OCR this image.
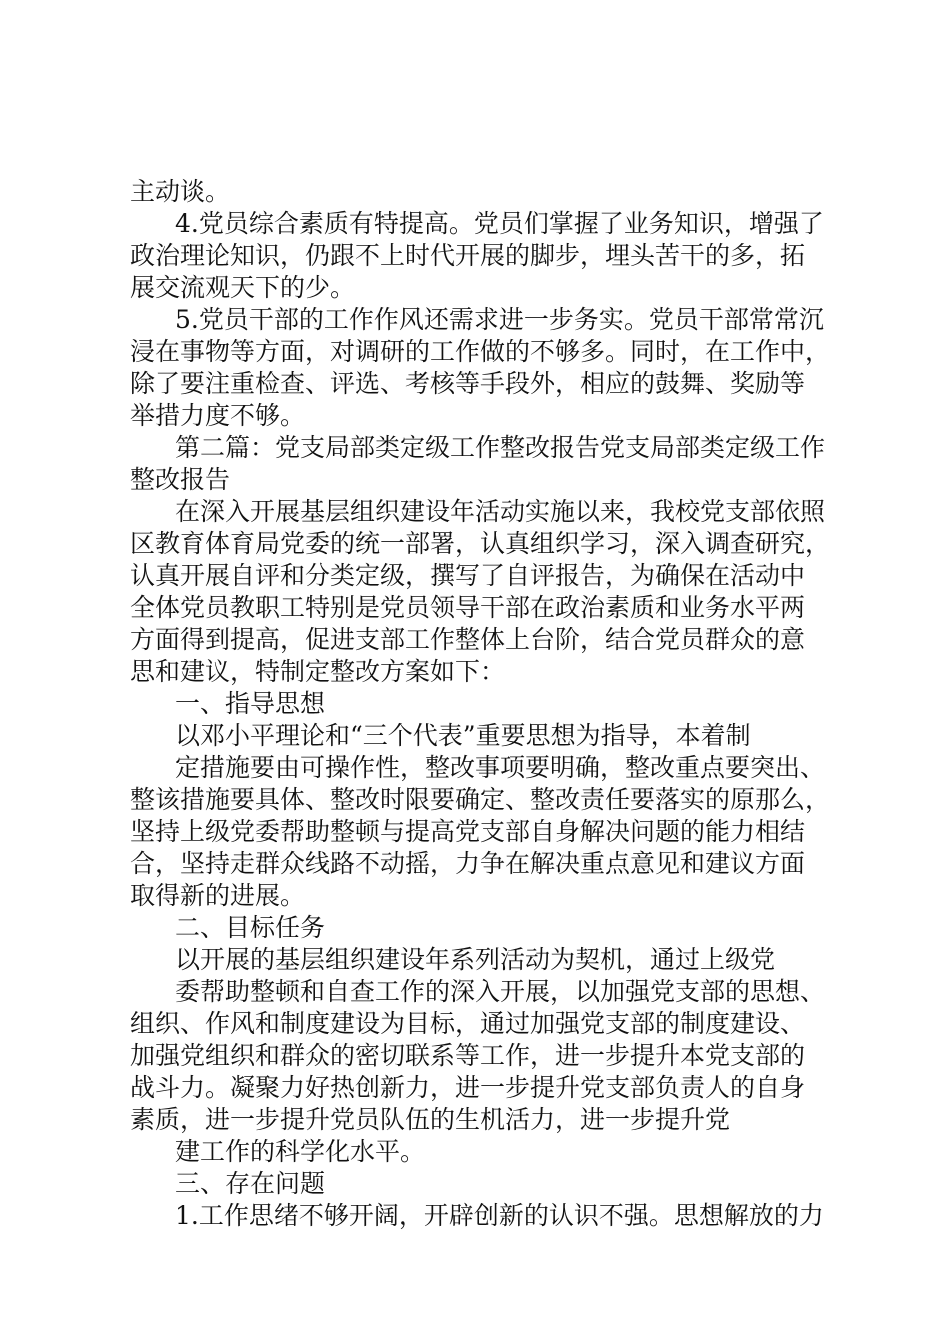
主动谈。
4.党员综合素质有特提高。党员们掌握了业务知识，增强了
政治理论知识，仍跟不上时代开展的脚步，埋头苦干的多，拓
展交流观天下的少。
5.党员干部的工作作风还需求进一步务实。党员干部常常沉
浸在事物等方面，对调研的工作做的不够多。同时，在工作中，
除了要注重检查、评选、考核等手段外，相应的鼓舞、奖励等
举措力度不够。
第二篇：党支局部类定级工作整改报告党支局部类定级工作
整改报告
在深入开展基层组织建设年活动实施以来，我校党支部依照
区教育体育局党委的统一部署，认真组织学习，深入调查研究，
认真开展自评和分类定级，撰写了自评报告，为确保在活动中
全体党员教职工特别是党员领导干部在政治素质和业务水平两
方面得到提高，促进支部工作整体上台阶，结合党员群众的意
思和建议，特制定整改方案如下：
一、指导思想
以邓小平理论和“三个代表”重要思想为指导，本着制
定措施要由可操作性，整改事项要明确，整改重点要突出、
整该措施要具体、整改时限要确定、整改责任要落实的原那么，
坚持上级党委帮助整顿与提高党支部自身解决问题的能力相结
合，坚持走群众线路不动摇，力争在解决重点意见和建议方面
取得新的进展。
二、目标任务
以开展的基层组织建设年系列活动为契机，通过上级党
委帮助整顿和自查工作的深入开展，以加强党支部的思想、
组织、作风和制度建设为目标，通过加强党支部的制度建设、
加强党组织和群众的密切联系等工作，进一步提升本党支部的
战斗力。凝聚力好热创新力，进一步提升党支部负责人的自身
素质，进一步提升党员队伍的生机活力，进一步提升党
建工作的科学化水平。
三、存在问题
1.工作思绪不够开阔，开辟创新的认识不强。思想解放的力
